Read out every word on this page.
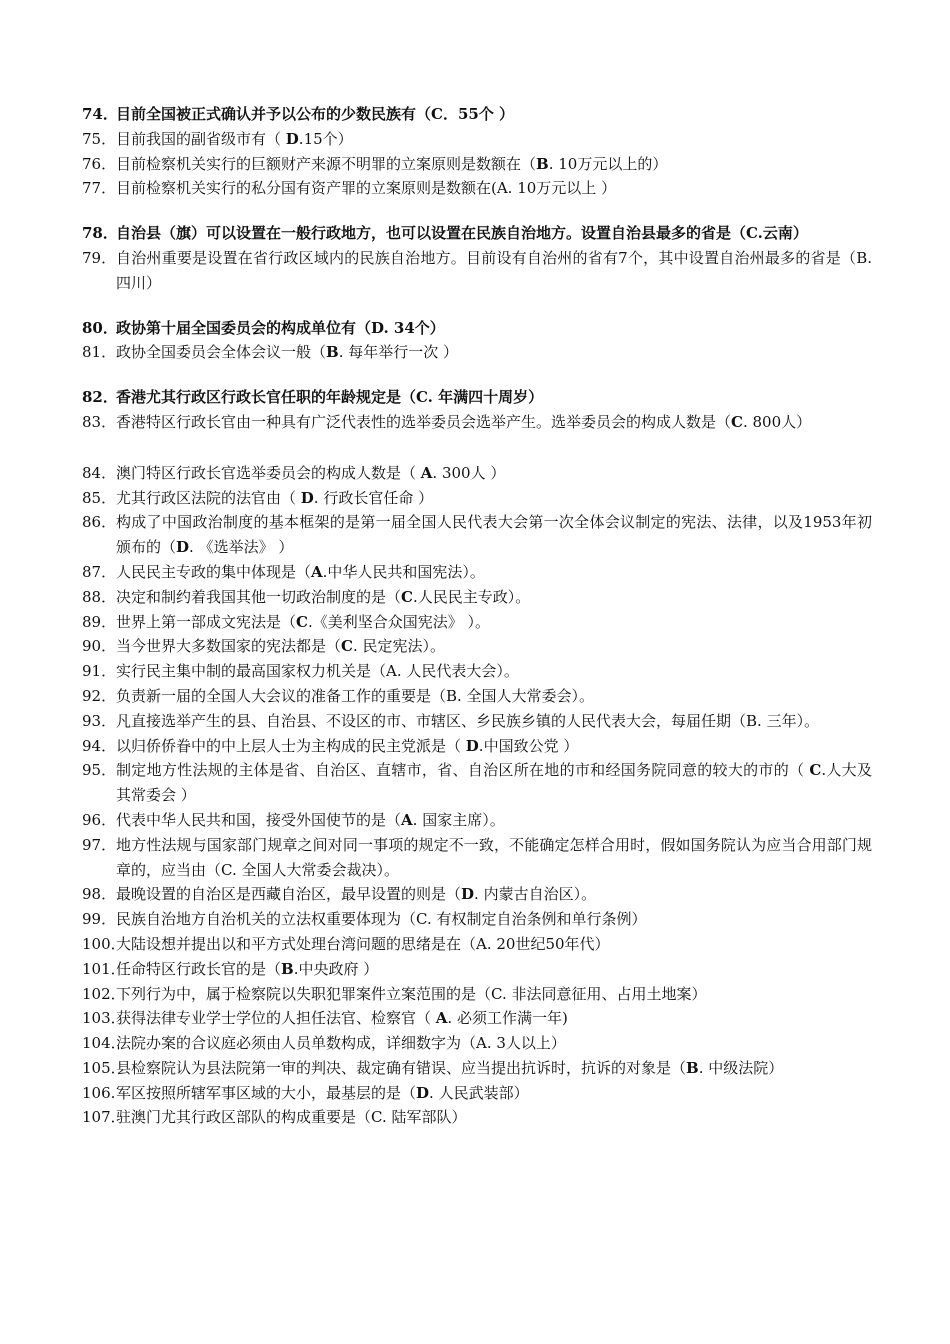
74．
目前全国被正式确认并予以公布的少数民族有（C．55个 ）
75． 目前我国的副省级市有（ D.15个）
76． 目前检察机关实行的巨额财产来源不明罪的立案原则是数额在（B. 10万元以上的）
77． 目前检察机关实行的私分国有资产罪的立案原则是数额在(A. 10万元以上 ）
78．
自治县（旗）可以设置在一般行政地方，也可以设置在民族自治地方。设置自治县最多的省是（C.云南）
79． 自治州重要是设置在省行政区域内的民族自治地方。目前设有自治州的省有7个，其中设置自治州最多的省是（B. 四川）
80．
政协第十届全国委员会的构成单位有（D. 34个）
81． 政协全国委员会全体会议一般（B. 每年举行一次 ）
82．
香港尤其行政区行政长官任职的年龄规定是（C. 年满四十周岁）
83． 香港特区行政长官由一种具有广泛代表性的选举委员会选举产生。选举委员会的构成人数是（C. 800人）
84． 澳门特区行政长官选举委员会的构成人数是（ A. 300人 ）
85． 尤其行政区法院的法官由（ D. 行政长官任命 ）
86． 构成了中国政治制度的基本框架的是第一届全国人民代表大会第一次全体会议制定的宪法、法律，以及1953年初颁布的（D. 《选举法》 ）
87． 人民民主专政的集中体现是（A.中华人民共和国宪法）。
88． 决定和制约着我国其他一切政治制度的是（C.人民民主专政）。
89． 世界上第一部成文宪法是（C.《美利坚合众国宪法》 ）。
90． 当今世界大多数国家的宪法都是（C. 民定宪法）。
91． 实行民主集中制的最高国家权力机关是（A. 人民代表大会）。
92． 负责新一届的全国人大会议的准备工作的重要是（B. 全国人大常委会）。
93． 凡直接选举产生的县、自治县、不设区的市、市辖区、乡民族乡镇的人民代表大会，每届任期（B. 三年）。
94． 以归侨侨眷中的中上层人士为主构成的民主党派是（ D.中国致公党 ）
95． 制定地方性法规的主体是省、自治区、直辖市，省、自治区所在地的市和经国务院同意的较大的市的（ C.人大及其常委会 ）
96． 代表中华人民共和国，接受外国使节的是（A. 国家主席）。
97． 地方性法规与国家部门规章之间对同一事项的规定不一致，不能确定怎样合用时，假如国务院认为应当合用部门规章的，应当由（C. 全国人大常委会裁决）。
98． 最晚设置的自治区是西藏自治区，最早设置的则是（D. 内蒙古自治区）。
99． 民族自治地方自治机关的立法权重要体现为（C. 有权制定自治条例和单行条例）
100．
大陆设想并提出以和平方式处理台湾问题的思绪是在（A. 20世纪50年代）
101．
任命特区行政长官的是（B.中央政府 ）
102．
下列行为中，属于检察院以失职犯罪案件立案范围的是（C. 非法同意征用、占用土地案）
103．
获得法律专业学士学位的人担任法官、检察官（ A. 必须工作满一年)
104．
法院办案的合议庭必须由人员单数构成，详细数字为（A. 3人以上）
105．
县检察院认为县法院第一审的判决、裁定确有错误、应当提出抗诉时，抗诉的对象是（B. 中级法院）
106. 军区按照所辖军事区域的大小，最基层的是（D. 人民武装部）
107．
驻澳门尤其行政区部队的构成重要是（C. 陆军部队）
